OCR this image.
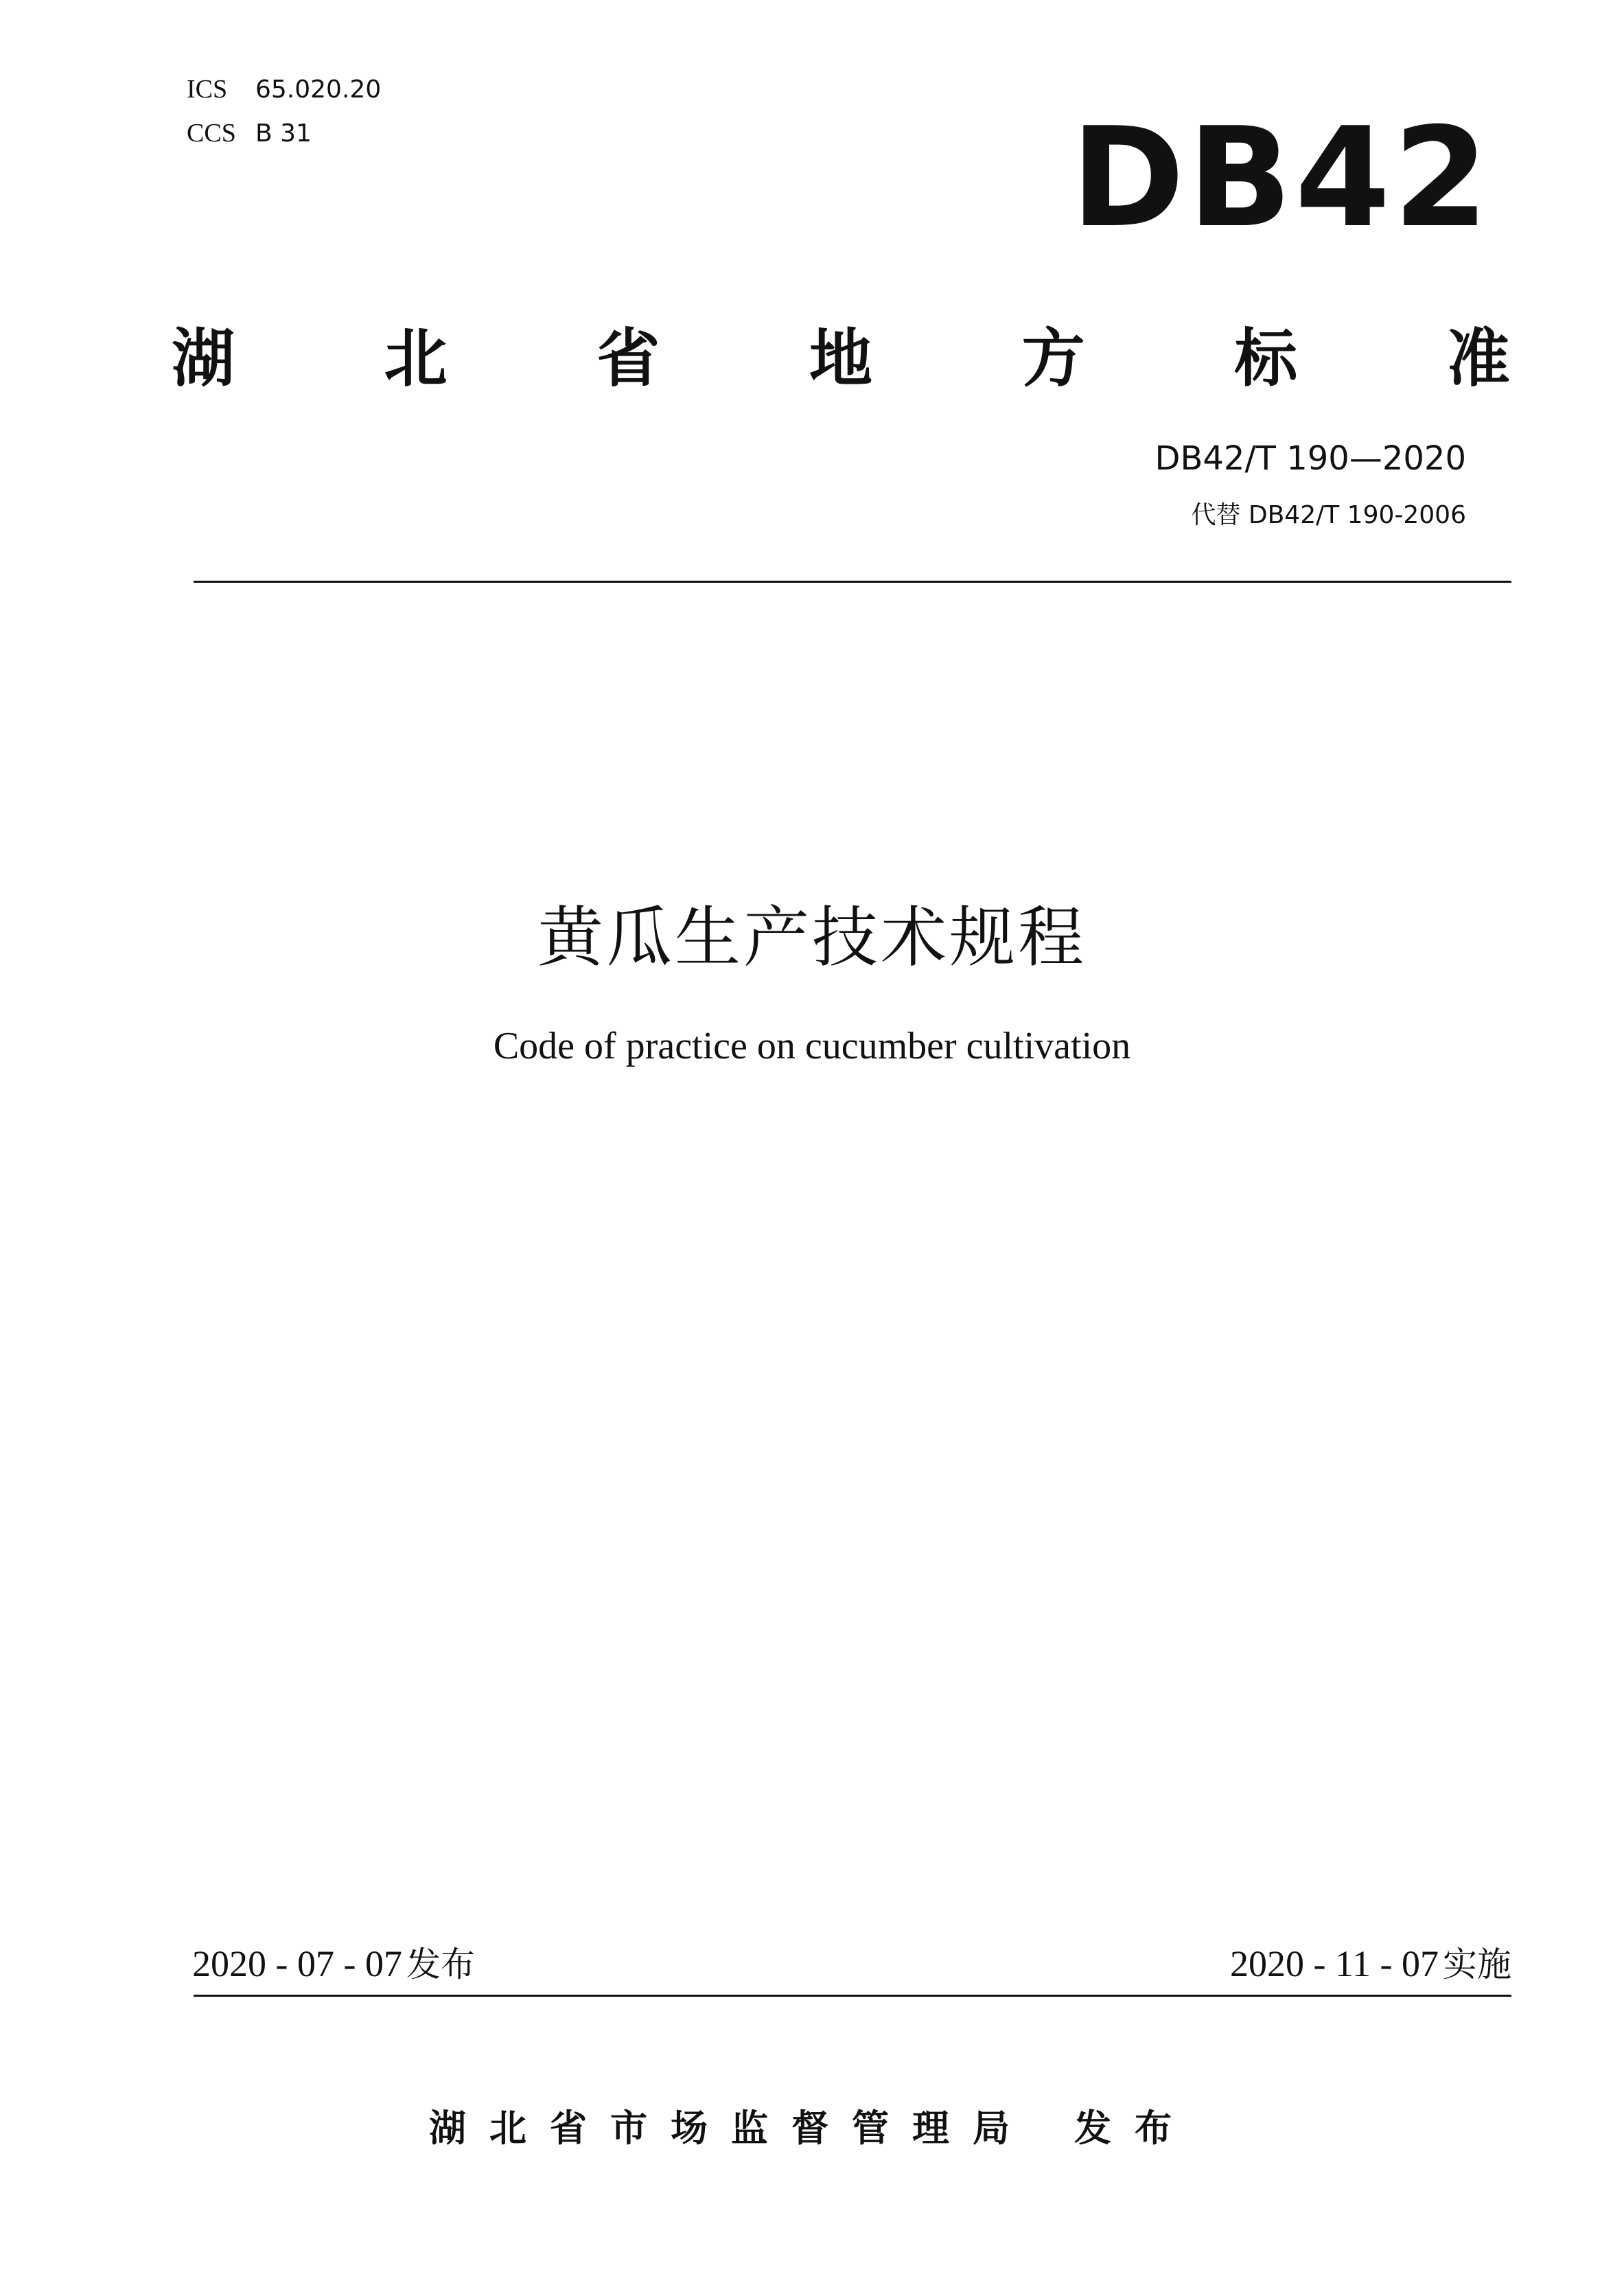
ICS	65.020.20
CCS B 31	DB42
湖 北 省 地 方 标 准
DB42/T 190—2020
代替 DB42/T 190-2006
黄瓜生产技术规程
Code of practice on cucumber cultivation
2020 - 07 - 07 发布	2020 - 11 - 07 实施
湖北省市场监督管理局 发布
